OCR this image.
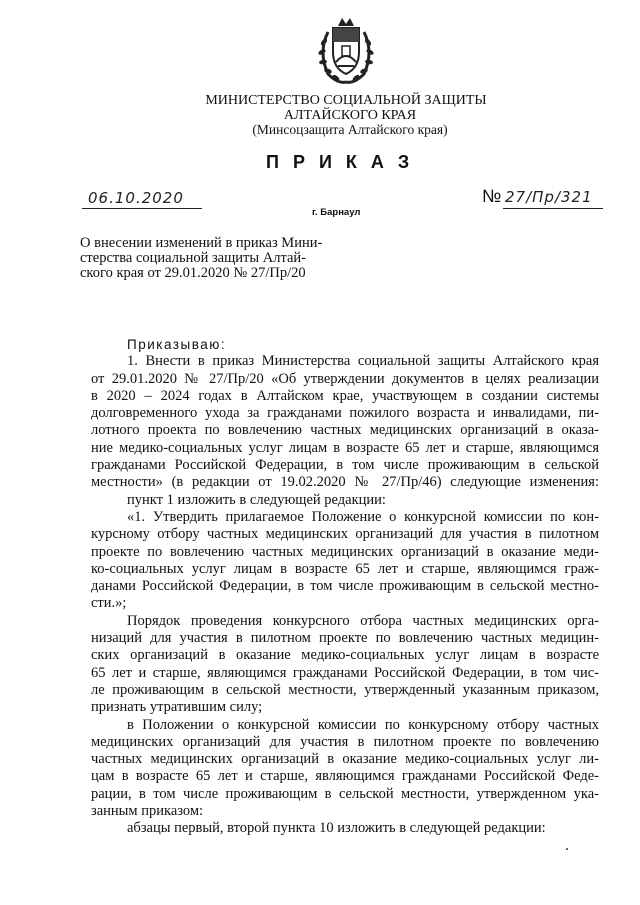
МИНИСТЕРСТВО СОЦИАЛЬНОЙ ЗАЩИТЫ
АЛТАЙСКОГО КРАЯ
(Минсоцзащита Алтайского края)
ПРИКАЗ
06.10.2020	№ 27/Пр/321
г. Барнаул
О внесении изменений в приказ Мини-
стерства социальной защиты Алтай-
ского края от 29.01.2020 № 27/Пр/20
Приказываю:
1. Внести в приказ Министерства социальной защиты Алтайского края
от 29.01.2020 № 27/Пр/20 «Об утверждении документов в целях реализации
в 2020 – 2024 годах в Алтайском крае, участвующем в создании системы
долговременного ухода за гражданами пожилого возраста и инвалидами, пи-
лотного проекта по вовлечению частных медицинских организаций в оказа-
ние медико-социальных услуг лицам в возрасте 65 лет и старше, являющимся
гражданами Российской Федерации, в том числе проживающим в сельской
местности» (в редакции от 19.02.2020 № 27/Пр/46) следующие изменения:
пункт 1 изложить в следующей редакции:
«1. Утвердить прилагаемое Положение о конкурсной комиссии по кон-
курсному отбору частных медицинских организаций для участия в пилотном
проекте по вовлечению частных медицинских организаций в оказание меди-
ко-социальных услуг лицам в возрасте 65 лет и старше, являющимся граж-
данами Российской Федерации, в том числе проживающим в сельской местно-
сти.»;
Порядок проведения конкурсного отбора частных медицинских орга-
низаций для участия в пилотном проекте по вовлечению частных медицин-
ских организаций в оказание медико-социальных услуг лицам в возрасте
65 лет и старше, являющимся гражданами Российской Федерации, в том чис-
ле проживающим в сельской местности, утвержденный указанным приказом,
признать утратившим силу;
в Положении о конкурсной комиссии по конкурсному отбору частных
медицинских организаций для участия в пилотном проекте по вовлечению
частных медицинских организаций в оказание медико-социальных услуг ли-
цам в возрасте 65 лет и старше, являющимся гражданами Российской Феде-
рации, в том числе проживающим в сельской местности, утвержденном ука-
занным приказом:
абзацы первый, второй пункта 10 изложить в следующей редакции:
